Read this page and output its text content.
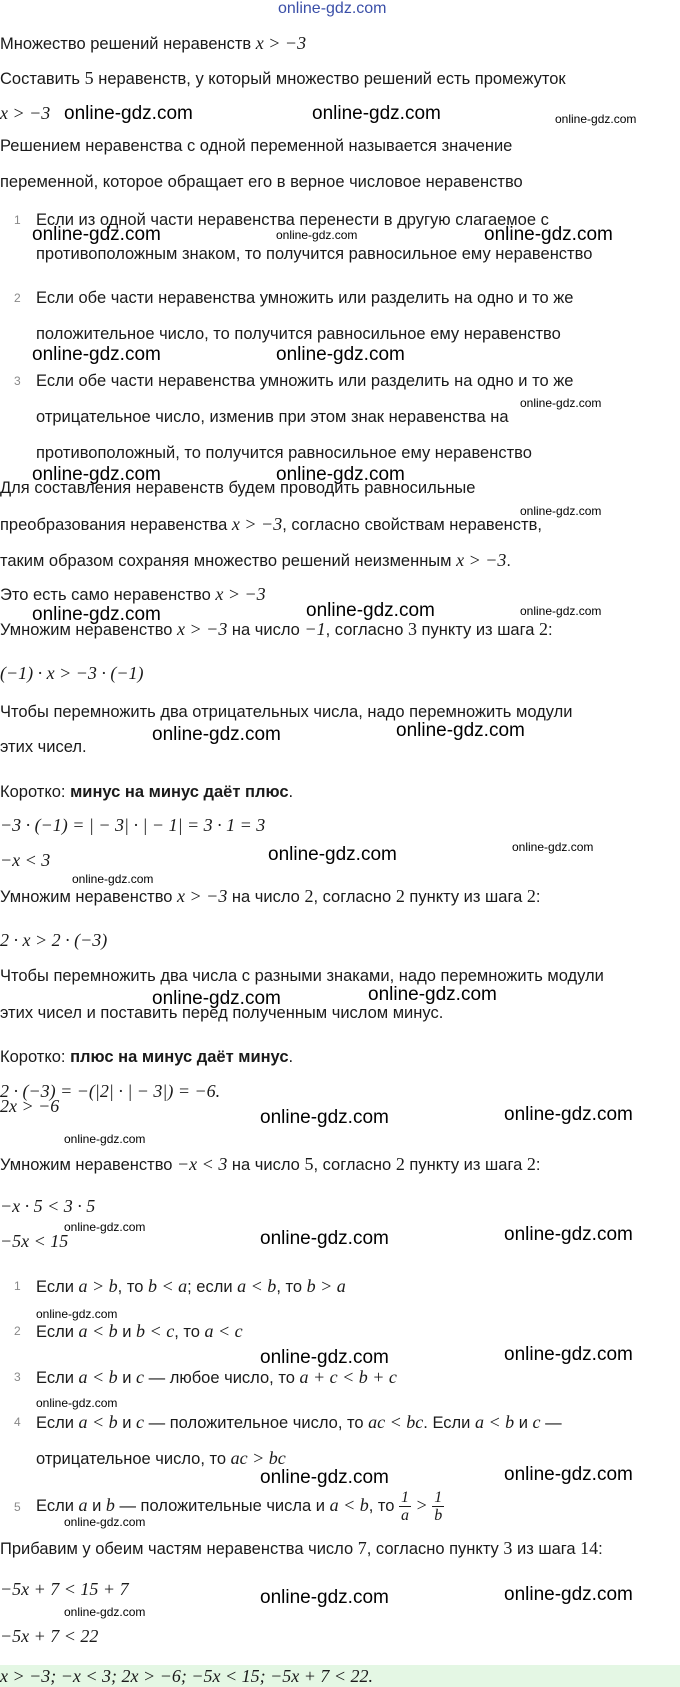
online-gdz.com
Множество решений неравенств x > −3
Составить 5 неравенств, у который множество решений есть промежуток
x > −3
Решением неравенства с одной переменной называется значение
переменной, которое обращает его в верное числовое неравенство
1 Если из одной части неравенства перенести в другую слагаемое с
противоположным знаком, то получится равносильное ему неравенство
2 Если обе части неравенства умножить или разделить на одно и то же
положительное число, то получится равносильное ему неравенство
3 Если обе части неравенства умножить или разделить на одно и то же
отрицательное число, изменив при этом знак неравенства на
противоположный, то получится равносильное ему неравенство
Для составления неравенств будем проводить равносильные
преобразования неравенства x > −3, согласно свойствам неравенств,
таким образом сохраняя множество решений неизменным x > −3.
Это есть само неравенство x > −3
Умножим неравенство x > −3 на число −1, согласно 3 пункту из шага 2:
(−1) · x > −3 · (−1)
Чтобы перемножить два отрицательных числа, надо перемножить модули
этих чисел.
Коротко: минус на минус даёт плюс.
−3 · (−1) = | − 3| · | − 1| = 3 · 1 = 3
−x < 3
Умножим неравенство x > −3 на число 2, согласно 2 пункту из шага 2:
2 · x > 2 · (−3)
Чтобы перемножить два числа с разными знаками, надо перемножить модули
этих чисел и поставить перед полученным числом минус.
Коротко: плюс на минус даёт минус.
2 · (−3) = −(|2| · | − 3|) = −6.
2x > −6
Умножим неравенство −x < 3 на число 5, согласно 2 пункту из шага 2:
−x · 5 < 3 · 5
−5x < 15
1 Если a > b, то b < a; если a < b, то b > a
2 Если a < b и b < c, то a < c
3 Если a < b и c — любое число, то a + c < b + c
4 Если a < b и c — положительное число, то ac < bc. Если a < b и c —
отрицательное число, то ac > bc
5 Если a и b — положительные числа и a < b, то $\frac{1}{a} > \frac{1}{b}$
Прибавим у обеим частям неравенства число 7, согласно пункту 3 из шага 14:
−5x + 7 < 15 + 7
−5x + 7 < 22
x > −3; −x < 3; 2x > −6; −5x < 15; −5x + 7 < 22.
online-gdz.com	online-gdz.com	online-gdz.com
online-gdz.com	online-gdz.com	online-gdz.com
online-gdz.com	online-gdz.com
online-gdz.com
online-gdz.com	online-gdz.com
online-gdz.com
online-gdz.com	online-gdz.com	online-gdz.com
online-gdz.com	online-gdz.com
online-gdz.com	online-gdz.com
online-gdz.com
online-gdz.com	online-gdz.com
online-gdz.com	online-gdz.com
online-gdz.com
online-gdz.com
online-gdz.com	online-gdz.com
online-gdz.com
online-gdz.com	online-gdz.com
online-gdz.com
online-gdz.com	online-gdz.com
online-gdz.com
online-gdz.com	online-gdz.com
online-gdz.com
